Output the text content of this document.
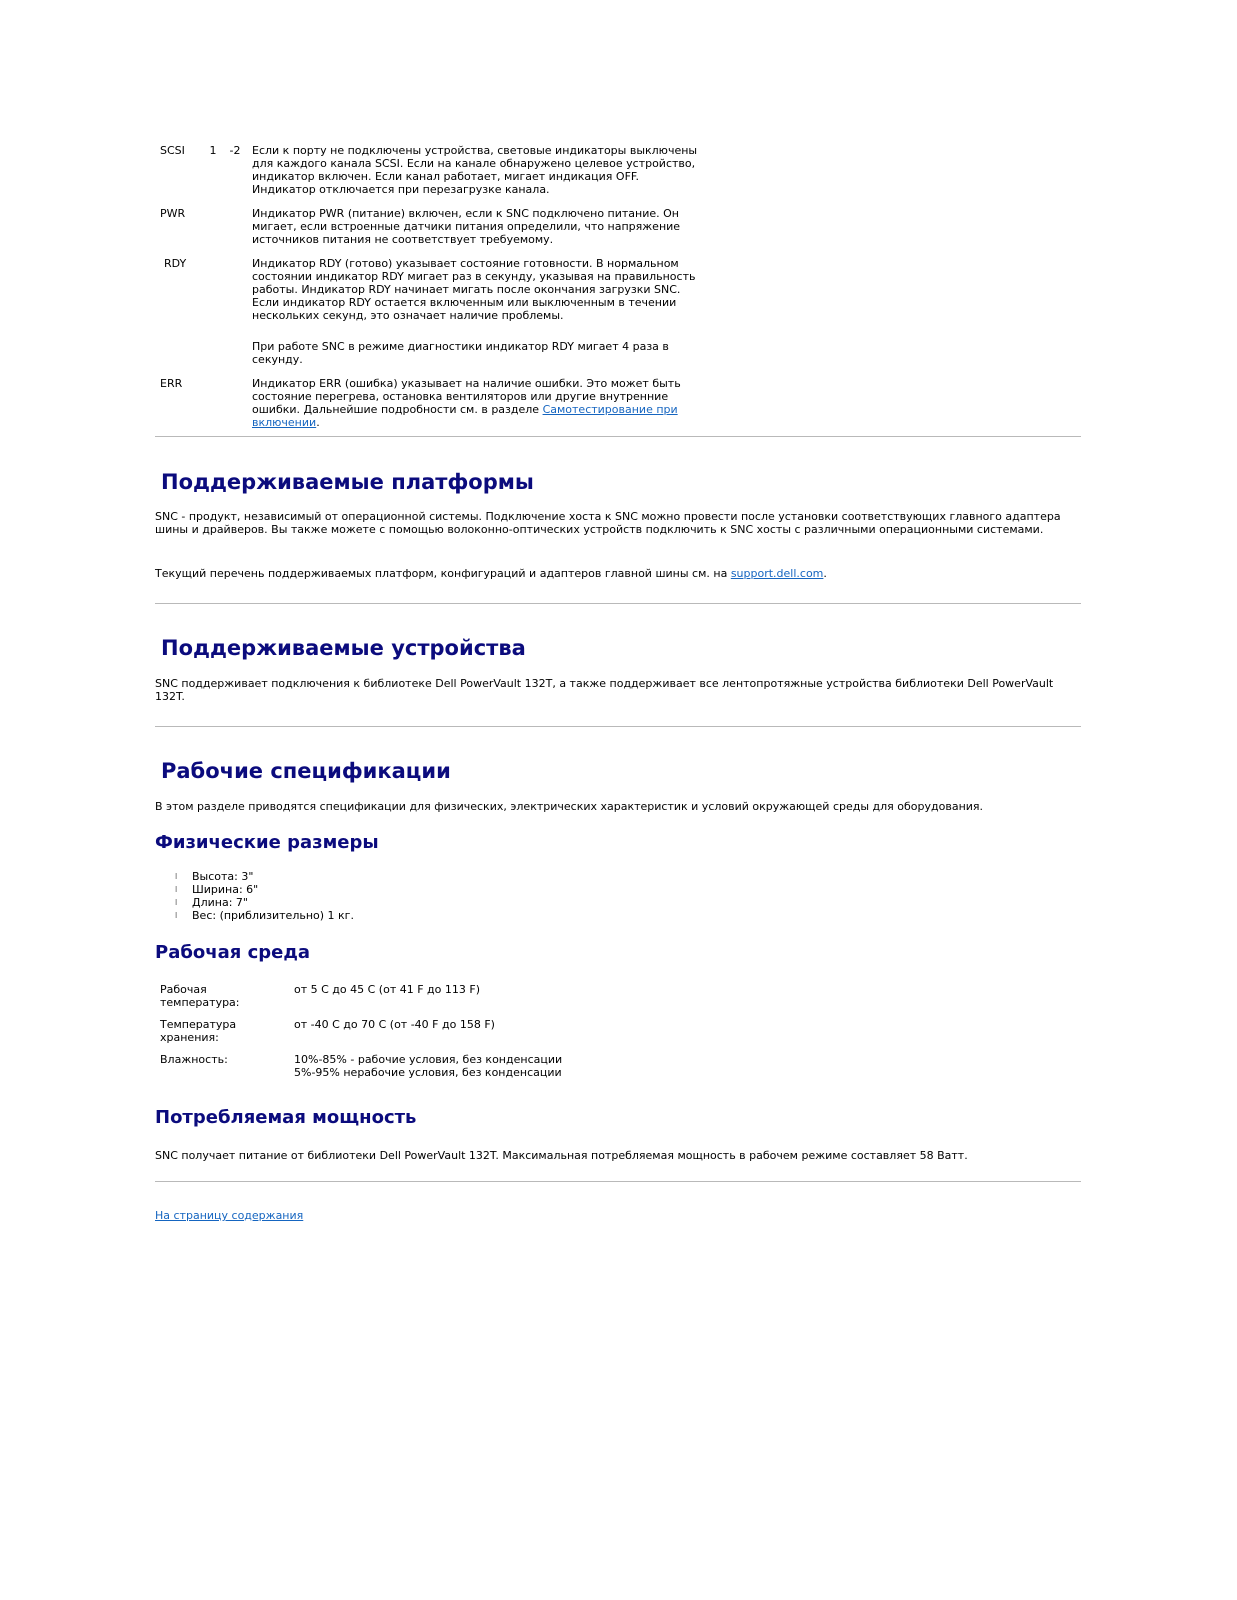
SCSI	1	-2	Если к порту не подключены устройства, световые индикаторы выключены для каждого канала SCSI. Если на канале обнаружено целевое устройство, индикатор включен. Если канал работает, мигает индикация OFF. Индикатор отключается при перезагрузке канала.
PWR			Индикатор PWR (питание) включен, если к SNC подключено питание. Он мигает, если встроенные датчики питания определили, что напряжение источников питания не соответствует требуемому.
RDY			Индикатор RDY (готово) указывает состояние готовности. В нормальном состоянии индикатор RDY мигает раз в секунду, указывая на правильность работы. Индикатор RDY начинает мигать после окончания загрузки SNC. Если индикатор RDY остается включенным или выключенным в течении нескольких секунд, это означает наличие проблемы.
При работе SNC в режиме диагностики индикатор RDY мигает 4 раза в секунду.

ERR			Индикатор ERR (ошибка) указывает на наличие ошибки. Это может быть состояние перегрева, остановка вентиляторов или другие внутренние ошибки. Дальнейшие подробности см. в разделе Самотестирование при включении.
Поддерживаемые платформы

SNC - продукт, независимый от операционной системы. Подключение хоста к SNC можно провести после установки соответствующих главного адаптера шины и драйверов. Вы также можете с помощью волоконно-оптических устройств подключить к SNC хосты с различными операционными системами.

Текущий перечень поддерживаемых платформ, конфигураций и адаптеров главной шины см. на support.dell.com.

Поддерживаемые устройства

SNC поддерживает подключения к библиотеке Dell PowerVault 132T, а также поддерживает все лентопротяжные устройства библиотеки Dell PowerVault 132T.

Рабочие спецификации

В этом разделе приводятся спецификации для физических, электрических характеристик и условий окружающей среды для оборудования.

Физические размеры
l Высота: 3"
l Ширина: 6"
l Длина: 7"
l Вес: (приблизительно) 1 кг.
Рабочая среда
Рабочая температура:	от 5 C до 45 C (от 41 F до 113 F)
Температура хранения:	от -40 C до 70 C (от -40 F до 158 F)
Влажность:	10%-85% - рабочие условия, без конденсации
5%-95% нерабочие условия, без конденсации
Потребляемая мощность

SNC получает питание от библиотеки Dell PowerVault 132T. Максимальная потребляемая мощность в рабочем режиме составляет 58 Ватт.

На страницу содержания
